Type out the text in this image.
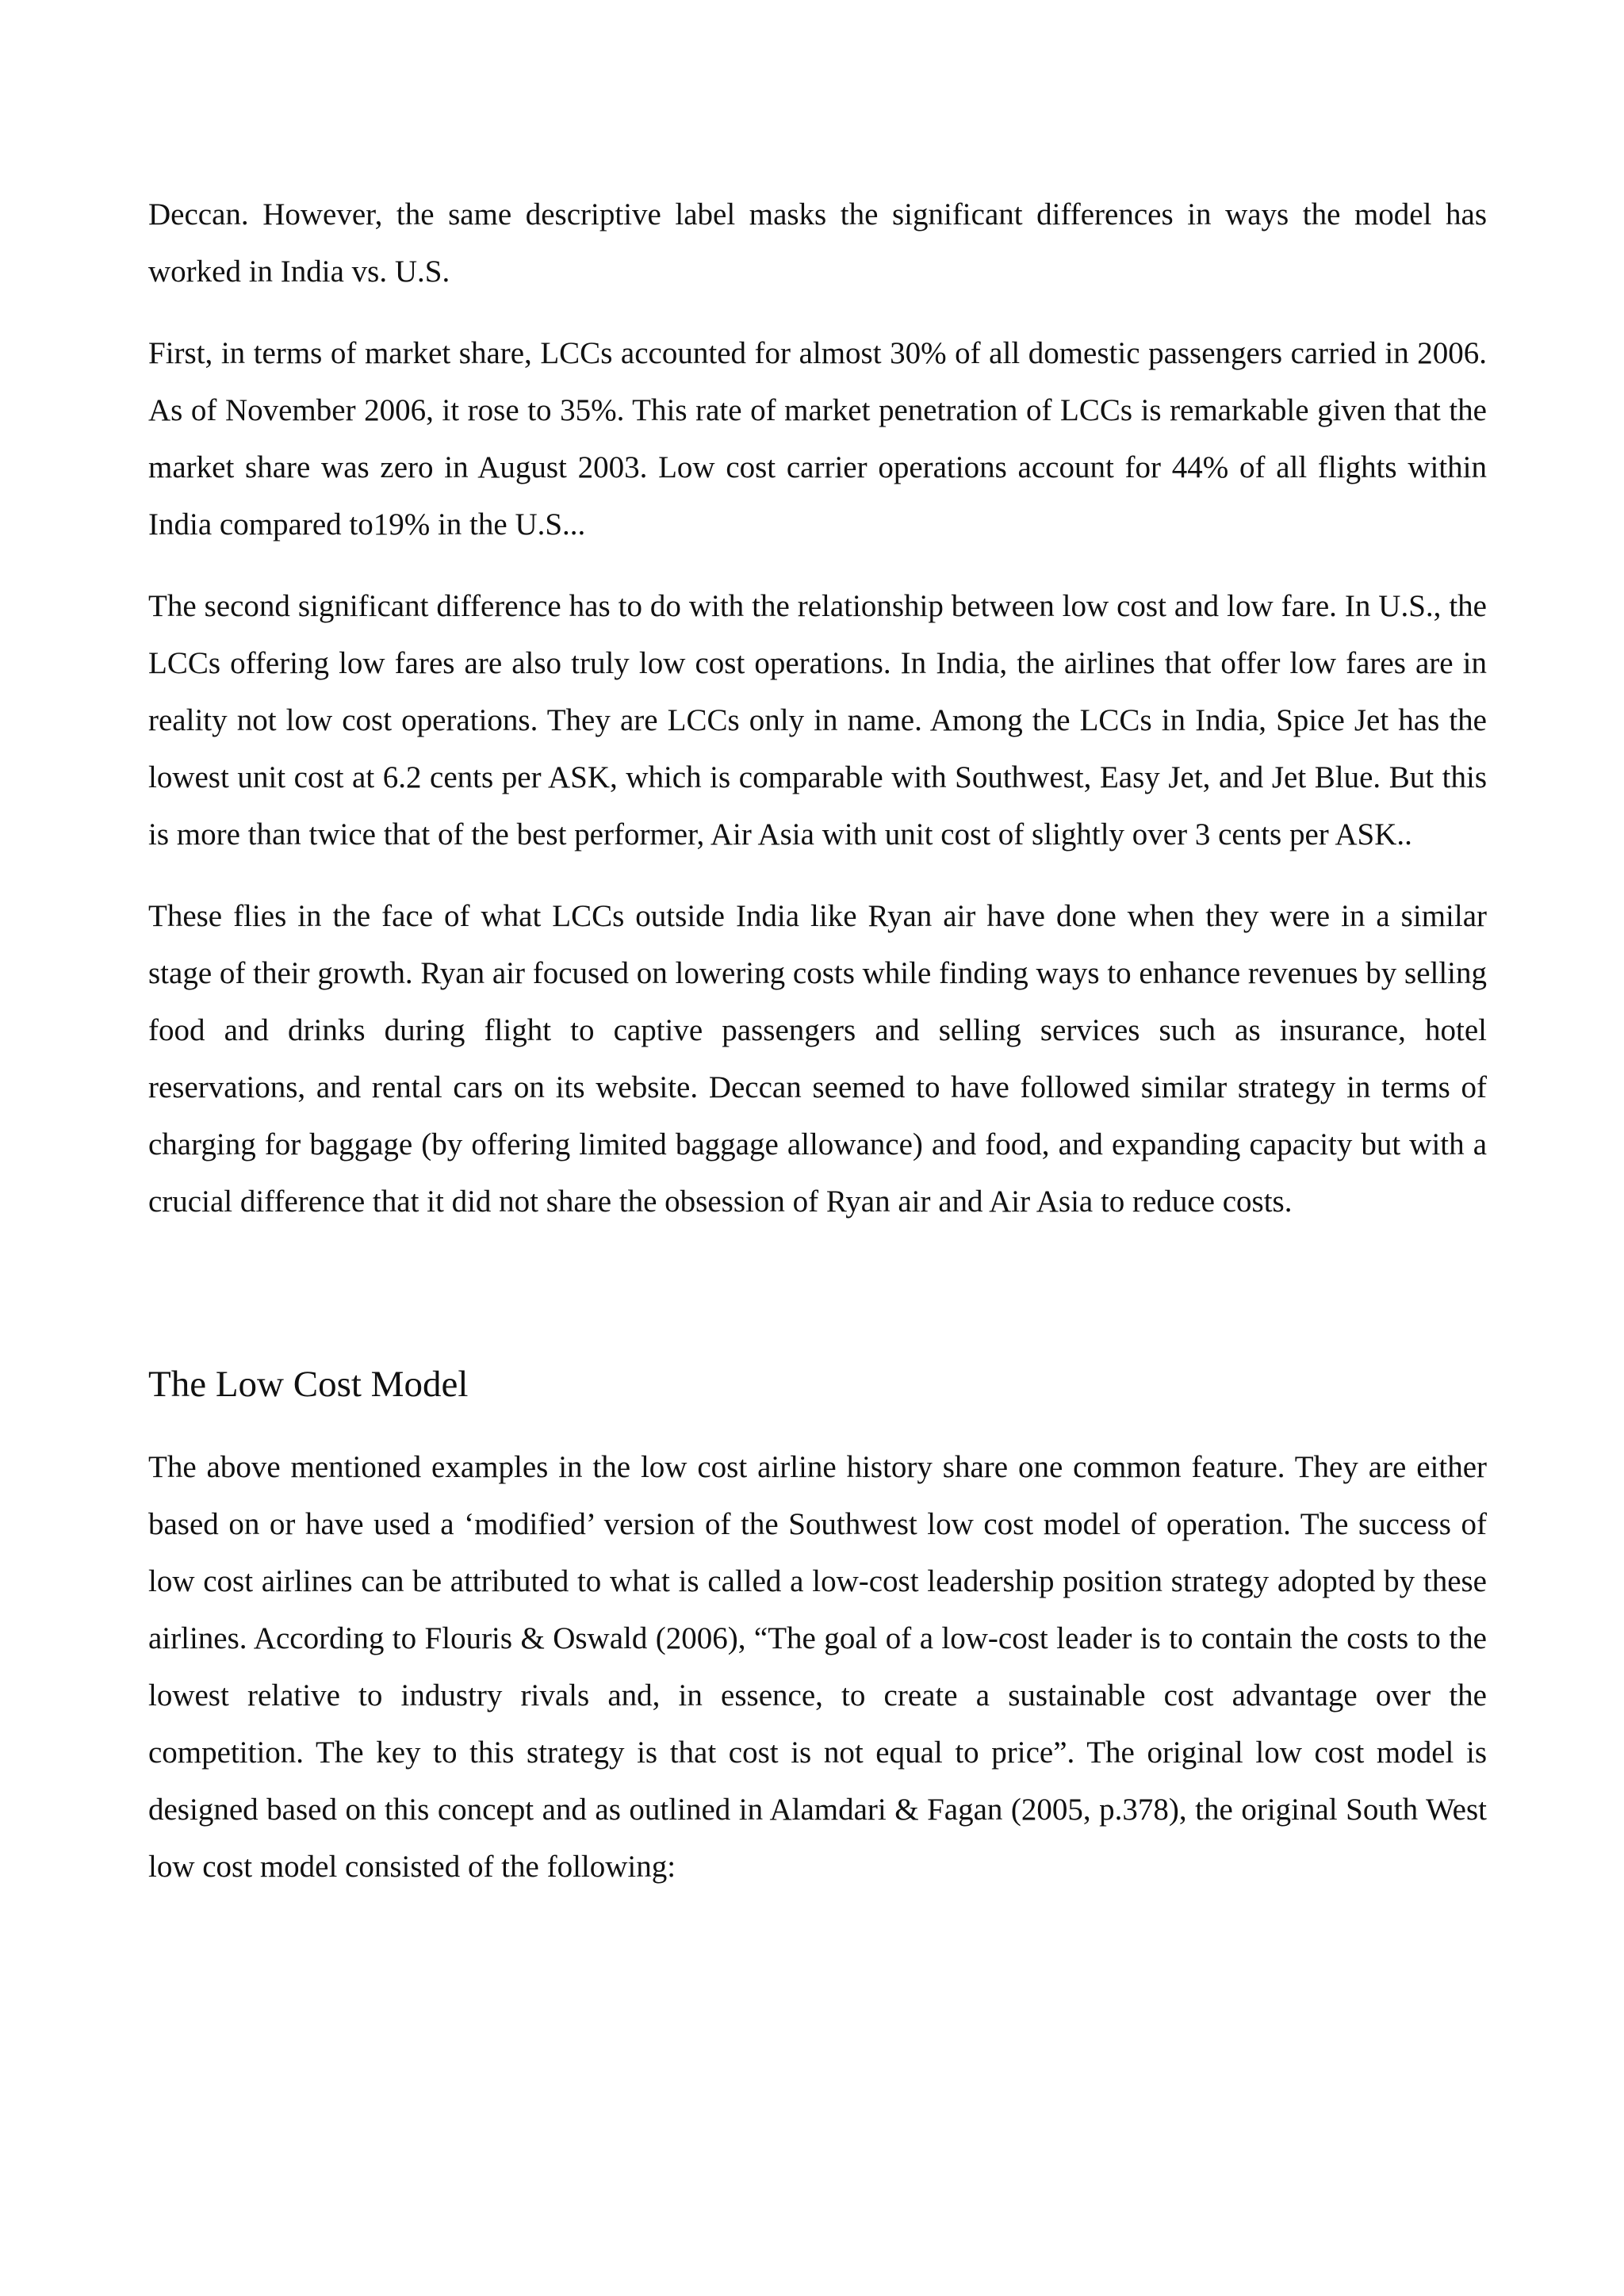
Deccan. However, the same descriptive label masks the significant differences in ways the model has worked in India vs. U.S.

First, in terms of market share, LCCs accounted for almost 30% of all domestic passengers carried in 2006. As of November 2006, it rose to 35%. This rate of market penetration of LCCs is remarkable given that the market share was zero in August 2003. Low cost carrier operations account for 44% of all flights within India compared to19% in the U.S...

The second significant difference has to do with the relationship between low cost and low fare. In U.S., the LCCs offering low fares are also truly low cost operations. In India, the airlines that offer low fares are in reality not low cost operations. They are LCCs only in name. Among the LCCs in India, Spice Jet has the lowest unit cost at 6.2 cents per ASK, which is comparable with Southwest, Easy Jet, and Jet Blue. But this is more than twice that of the best performer, Air Asia with unit cost of slightly over 3 cents per ASK..

These flies in the face of what LCCs outside India like Ryan air have done when they were in a similar stage of their growth. Ryan air focused on lowering costs while finding ways to enhance revenues by selling food and drinks during flight to captive passengers and selling services such as insurance, hotel reservations, and rental cars on its website. Deccan seemed to have followed similar strategy in terms of charging for baggage (by offering limited baggage allowance) and food, and expanding capacity but with a crucial difference that it did not share the obsession of Ryan air and Air Asia to reduce costs.

The Low Cost Model

The above mentioned examples in the low cost airline history share one common feature. They are either based on or have used a ‘modified’ version of the Southwest low cost model of operation. The success of low cost airlines can be attributed to what is called a low-cost leadership position strategy adopted by these airlines. According to Flouris & Oswald (2006), “The goal of a low-cost leader is to contain the costs to the lowest relative to industry rivals and, in essence, to create a sustainable cost advantage over the competition. The key to this strategy is that cost is not equal to price”. The original low cost model is designed based on this concept and as outlined in Alamdari & Fagan (2005, p.378), the original South West low cost model consisted of the following:
